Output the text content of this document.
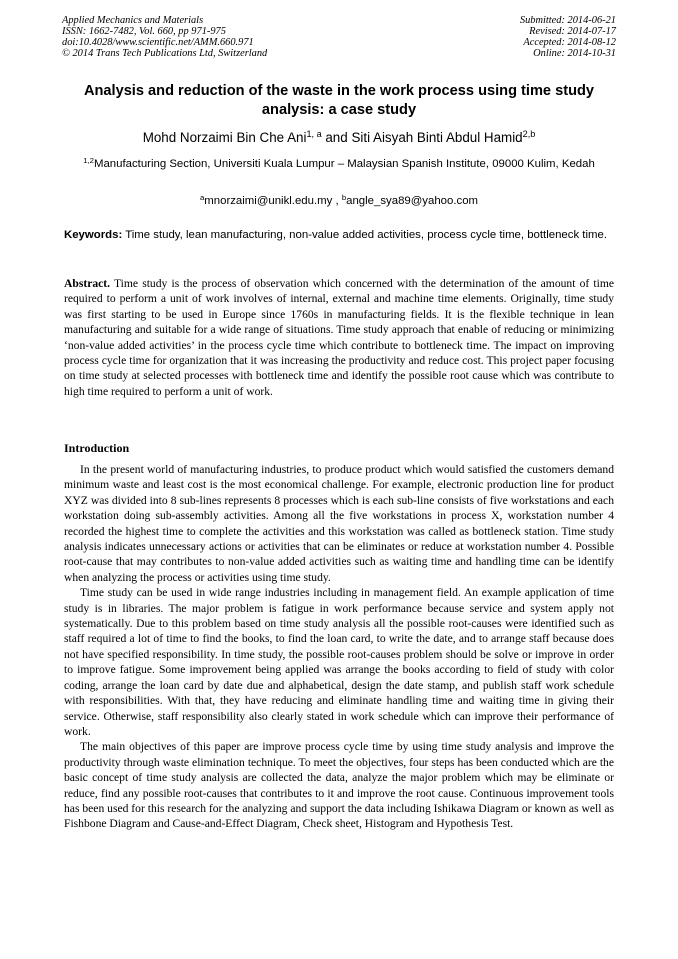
Applied Mechanics and Materials
ISSN: 1662-7482, Vol. 660, pp 971-975
doi:10.4028/www.scientific.net/AMM.660.971
© 2014 Trans Tech Publications Ltd, Switzerland
Submitted: 2014-06-21
Revised: 2014-07-17
Accepted: 2014-08-12
Online: 2014-10-31
Analysis and reduction of the waste in the work process using time study analysis: a case study
Mohd Norzaimi Bin Che Ani$^{1, a}$ and Siti Aisyah Binti Abdul Hamid$^{2,b}$
$^{1,2}$Manufacturing Section, Universiti Kuala Lumpur – Malaysian Spanish Institute, 09000 Kulim, Kedah
$^a$mnorzaimi@unikl.edu.my , $^b$angle_sya89@yahoo.com
Keywords: Time study, lean manufacturing, non-value added activities, process cycle time, bottleneck time.
Abstract. Time study is the process of observation which concerned with the determination of the amount of time required to perform a unit of work involves of internal, external and machine time elements. Originally, time study was first starting to be used in Europe since 1760s in manufacturing fields. It is the flexible technique in lean manufacturing and suitable for a wide range of situations. Time study approach that enable of reducing or minimizing ‘non-value added activities’ in the process cycle time which contribute to bottleneck time. The impact on improving process cycle time for organization that it was increasing the productivity and reduce cost. This project paper focusing on time study at selected processes with bottleneck time and identify the possible root cause which was contribute to high time required to perform a unit of work.
Introduction

In the present world of manufacturing industries, to produce product which would satisfied the customers demand minimum waste and least cost is the most economical challenge. For example, electronic production line for product XYZ was divided into 8 sub-lines represents 8 processes which is each sub-line consists of five workstations and each workstation doing sub-assembly activities. Among all the five workstations in process X, workstation number 4 recorded the highest time to complete the activities and this workstation was called as bottleneck station. Time study analysis indicates unnecessary actions or activities that can be eliminates or reduce at workstation number 4. Possible root-cause that may contributes to non-value added activities such as waiting time and handling time can be identify when analyzing the process or activities using time study.

Time study can be used in wide range industries including in management field. An example application of time study is in libraries. The major problem is fatigue in work performance because service and system apply not systematically. Due to this problem based on time study analysis all the possible root-causes were identified such as staff required a lot of time to find the books, to find the loan card, to write the date, and to arrange staff because does not have specified responsibility. In time study, the possible root-causes problem should be solve or improve in order to improve fatigue. Some improvement being applied was arrange the books according to field of study with color coding, arrange the loan card by date due and alphabetical, design the date stamp, and publish staff work schedule with responsibilities. With that, they have reducing and eliminate handling time and waiting time in giving their service. Otherwise, staff responsibility also clearly stated in work schedule which can improve their performance of work.

The main objectives of this paper are improve process cycle time by using time study analysis and improve the productivity through waste elimination technique. To meet the objectives, four steps has been conducted which are the basic concept of time study analysis are collected the data, analyze the major problem which may be eliminate or reduce, find any possible root-causes that contributes to it and improve the root cause. Continuous improvement tools has been used for this research for the analyzing and support the data including Ishikawa Diagram or known as well as Fishbone Diagram and Cause-and-Effect Diagram, Check sheet, Histogram and Hypothesis Test.
